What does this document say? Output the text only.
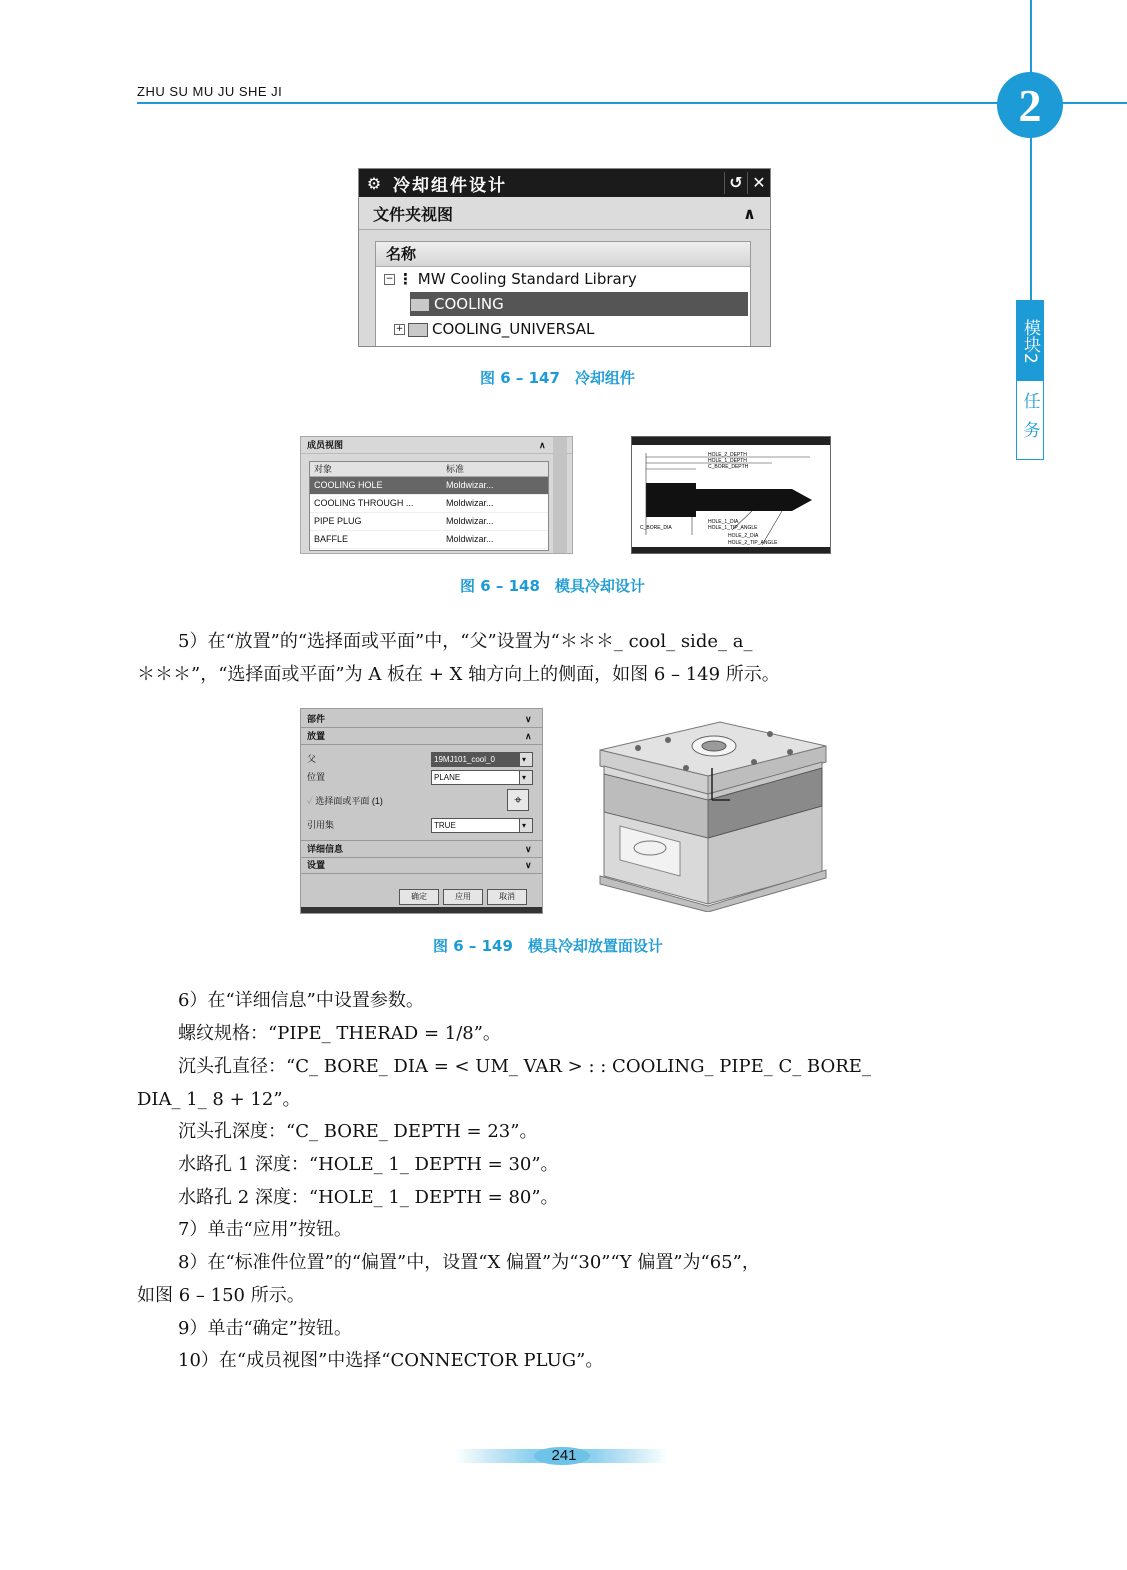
ZHU SU MU JU SHE JI	2
模块2
任务
⚙ 冷却组件设计	↺ ✕
文件夹视图	∧
名称
− ⋮ MW Cooling Standard Library
COOLING
+ COOLING_UNIVERSAL
图 6 – 147　冷却组件
成员视图	∧
对象	标准
COOLING HOLE	Moldwizar...
COOLING THROUGH ...	Moldwizar...
PIPE PLUG	Moldwizar...
BAFFLE	Moldwizar...
HOLE_2_DEPTH
HOLE_1_DEPTH
C_BORE_DEPTH
C_BORE_DIA
HOLE_1_DIA
HOLE_1_TIP_ANGLE
HOLE_2_DIA
HOLE_2_TIP_ANGLE
图 6 – 148　模具冷却设计
5）在“放置”的“选择面或平面”中，“父”设置为“＊＊＊_ cool_ side_ a_
＊＊＊”，“选择面或平面”为 A 板在 + X 轴方向上的侧面，如图 6 – 149 所示。
部件	∨
放置	∧
父	19MJ101_cool_0	▾
位置	PLANE	▾
✓ 选择面或平面 (1)	⌖
引用集	TRUE	▾
详细信息	∨
设置	∨
确定	应用	取消
图 6 – 149　模具冷却放置面设计
6）在“详细信息”中设置参数。
螺纹规格：“PIPE_ THERAD = 1/8”。
沉头孔直径：“C_ BORE_ DIA = < UM_ VAR > : : COOLING_ PIPE_ C_ BORE_
DIA_ 1_ 8 + 12”。
沉头孔深度：“C_ BORE_ DEPTH = 23”。
水路孔 1 深度：“HOLE_ 1_ DEPTH = 30”。
水路孔 2 深度：“HOLE_ 1_ DEPTH = 80”。
7）单击“应用”按钮。
8）在“标准件位置”的“偏置”中，设置“X 偏置”为“30”“Y 偏置”为“65”，
如图 6 – 150 所示。
9）单击“确定”按钮。
10）在“成员视图”中选择“CONNECTOR PLUG”。
241
